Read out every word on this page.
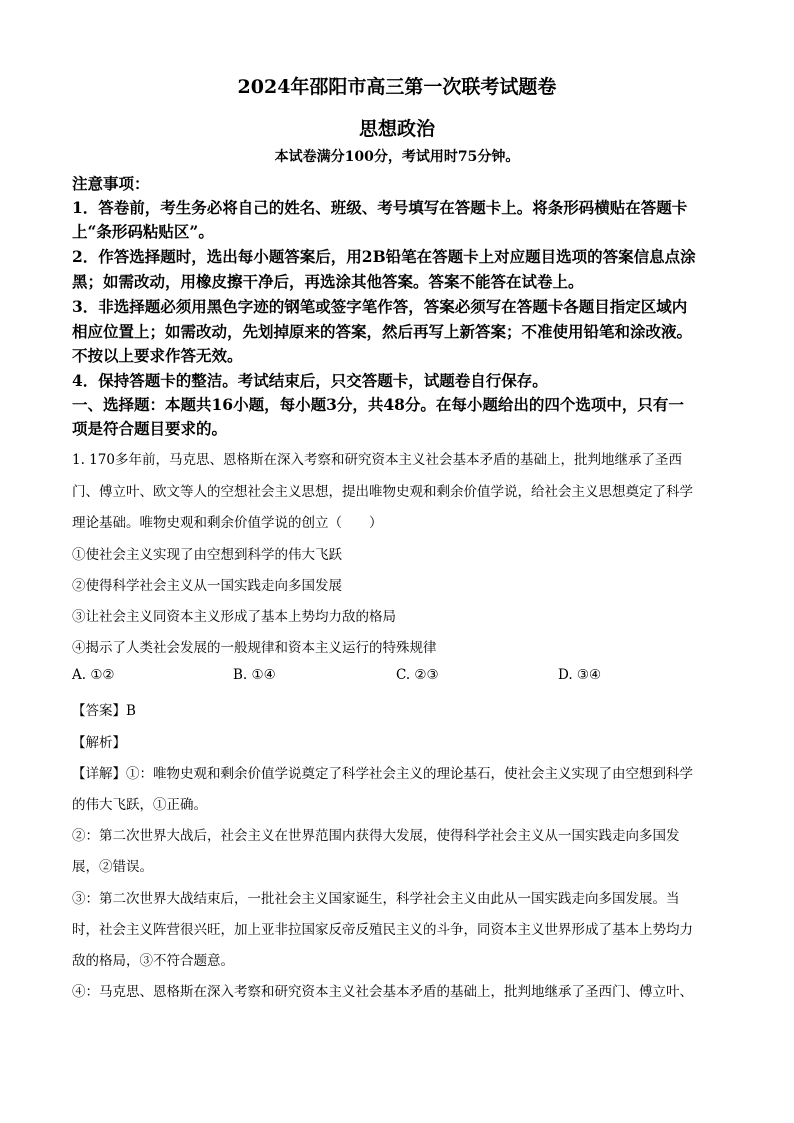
2024年邵阳市高三第一次联考试题卷
思想政治
本试卷满分100分，考试用时75分钟。
注意事项：
1．答卷前，考生务必将自己的姓名、班级、考号填写在答题卡上。将条形码横贴在答题卡
上“条形码粘贴区”。
2．作答选择题时，选出每小题答案后，用2B铅笔在答题卡上对应题目选项的答案信息点涂
黑；如需改动，用橡皮擦干净后，再选涂其他答案。答案不能答在试卷上。
3．非选择题必须用黑色字迹的钢笔或签字笔作答，答案必须写在答题卡各题目指定区域内
相应位置上；如需改动，先划掉原来的答案，然后再写上新答案；不准使用铅笔和涂改液。
不按以上要求作答无效。
4．保持答题卡的整洁。考试结束后，只交答题卡，试题卷自行保存。
一、选择题：本题共16小题，每小题3分，共48分。在每小题给出的四个选项中，只有一
项是符合题目要求的。
1. 170多年前，马克思、恩格斯在深入考察和研究资本主义社会基本矛盾的基础上，批判地继承了圣西
门、傅立叶、欧文等人的空想社会主义思想，提出唯物史观和剩余价值学说，给社会主义思想奠定了科学
理论基础。唯物史观和剩余价值学说的创立（　　）
①使社会主义实现了由空想到科学的伟大飞跃
②使得科学社会主义从一国实践走向多国发展
③让社会主义同资本主义形成了基本上势均力敌的格局
④揭示了人类社会发展的一般规律和资本主义运行的特殊规律
A. ①②	B. ①④	C. ②③	D. ③④
【答案】B
【解析】
【详解】①：唯物史观和剩余价值学说奠定了科学社会主义的理论基石，使社会主义实现了由空想到科学
的伟大飞跃，①正确。
②：第二次世界大战后，社会主义在世界范围内获得大发展，使得科学社会主义从一国实践走向多国发
展，②错误。
③：第二次世界大战结束后，一批社会主义国家诞生，科学社会主义由此从一国实践走向多国发展。当
时，社会主义阵营很兴旺，加上亚非拉国家反帝反殖民主义的斗争，同资本主义世界形成了基本上势均力
敌的格局，③不符合题意。
④：马克思、恩格斯在深入考察和研究资本主义社会基本矛盾的基础上，批判地继承了圣西门、傅立叶、
